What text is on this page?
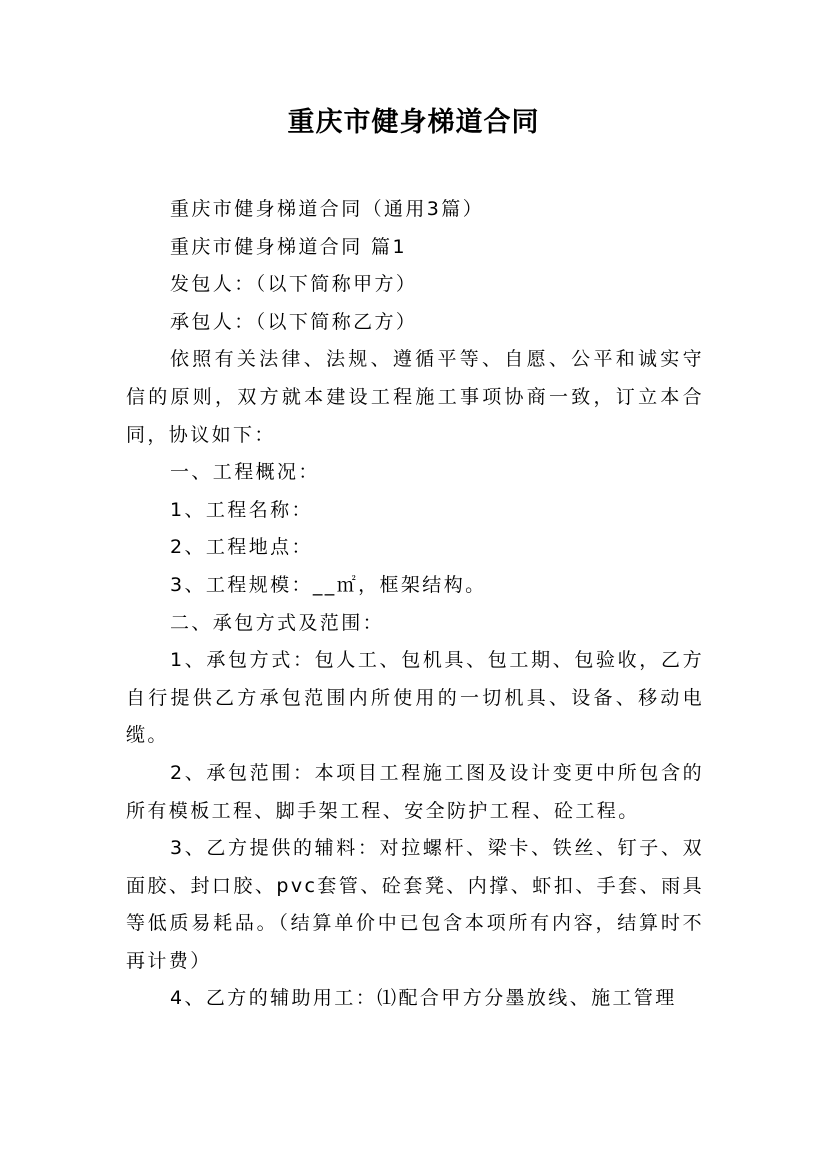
重庆市健身梯道合同

重庆市健身梯道合同（通用3篇）

重庆市健身梯道合同 篇1

发包人：（以下简称甲方）

承包人：（以下简称乙方）

依照有关法律、法规、遵循平等、自愿、公平和诚实守信的原则，双方就本建设工程施工事项协商一致，订立本合同，协议如下：

一、工程概况：

1、工程名称：

2、工程地点：

3、工程规模：__㎡，框架结构。

二、承包方式及范围：

1、承包方式：包人工、包机具、包工期、包验收，乙方自行提供乙方承包范围内所使用的一切机具、设备、移动电缆。

2、承包范围：本项目工程施工图及设计变更中所包含的所有模板工程、脚手架工程、安全防护工程、砼工程。

3、乙方提供的辅料：对拉螺杆、梁卡、铁丝、钉子、双面胶、封口胶、pvc套管、砼套凳、内撑、虾扣、手套、雨具等低质易耗品。（结算单价中已包含本项所有内容，结算时不再计费）

4、乙方的辅助用工：⑴配合甲方分墨放线、施工管理
